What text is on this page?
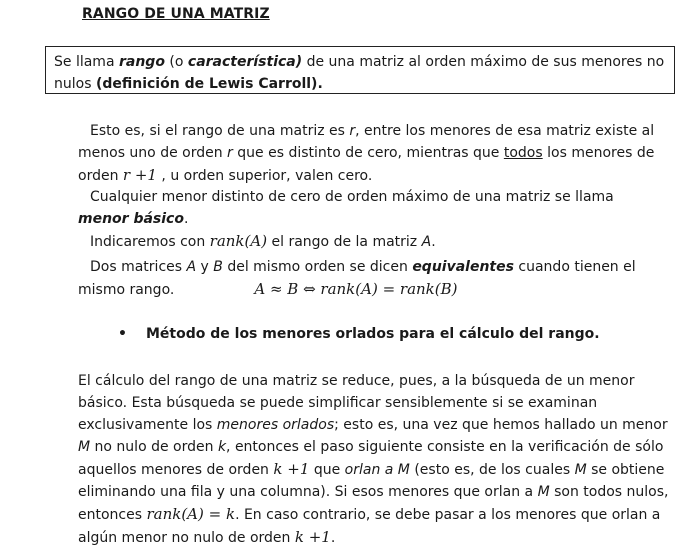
RANGO DE UNA MATRIZ
Se llama rango (o característica) de una matriz al orden máximo de sus menores no nulos (definición de Lewis Carroll).
Esto es, si el rango de una matriz es r, entre los menores de esa matriz existe al menos uno de orden r que es distinto de cero, mientras que todos los menores de orden r +1 , u orden superior, valen cero.
Cualquier menor distinto de cero de orden máximo de una matriz se llama menor básico.
Indicaremos con rank(A) el rango de la matriz A.
Dos matrices A y B del mismo orden se dicen equivalentes cuando tienen el mismo rango.	A ≈ B ⇔ rank(A) = rank(B)
• Método de los menores orlados para el cálculo del rango.
El cálculo del rango de una matriz se reduce, pues, a la búsqueda de un menor básico. Esta búsqueda se puede simplificar sensiblemente si se examinan exclusivamente los menores orlados; esto es, una vez que hemos hallado un menor M no nulo de orden k, entonces el paso siguiente consiste en la verificación de sólo aquellos menores de orden k +1 que orlan a M (esto es, de los cuales M se obtiene eliminando una fila y una columna). Si esos menores que orlan a M son todos nulos, entonces rank(A) = k. En caso contrario, se debe pasar a los menores que orlan a algún menor no nulo de orden k +1.
